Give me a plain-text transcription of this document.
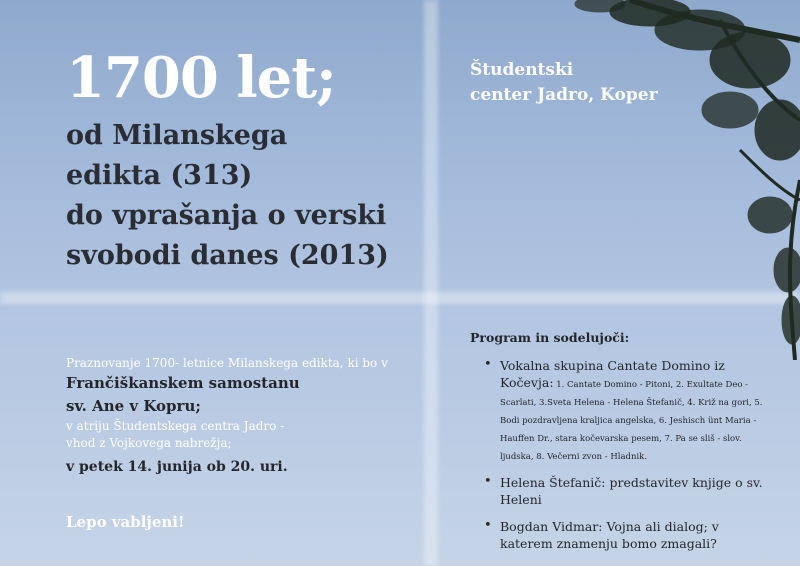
1700 let;
od Milanskega
edikta (313)
do vprašanja o verski
svobodi danes (2013)
Študentski
center Jadro, Koper
Praznovanje 1700- letnice Milanskega edikta, ki bo v
Frančiškanskem samostanu
sv. Ane v Kopru;
v atriju Študentskega centra Jadro -
vhod z Vojkovega nabrežja;
v petek 14. junija ob 20. uri.
Lepo vabljeni!
Program in sodelujoči:
• Vokalna skupina Cantate Domino iz Kočevja: 1. Cantate Domino - Pitoni, 2. Exultate Deo - Scarlati, 3.Sveta Helena - Helena Štefanič, 4. Križ na gori, 5. Bodi pozdravljena kraljica angelska, 6. Jeshisch ünt Maria - Hauffen Dr., stara kočevarska pesem, 7. Pa se sliš - slov. ljudska, 8. Večerni zvon - Hladnik.
• Helena Štefanič: predstavitev knjige o sv. Heleni
• Bogdan Vidmar: Vojna ali dialog; v katerem znamenju bomo zmagali?
